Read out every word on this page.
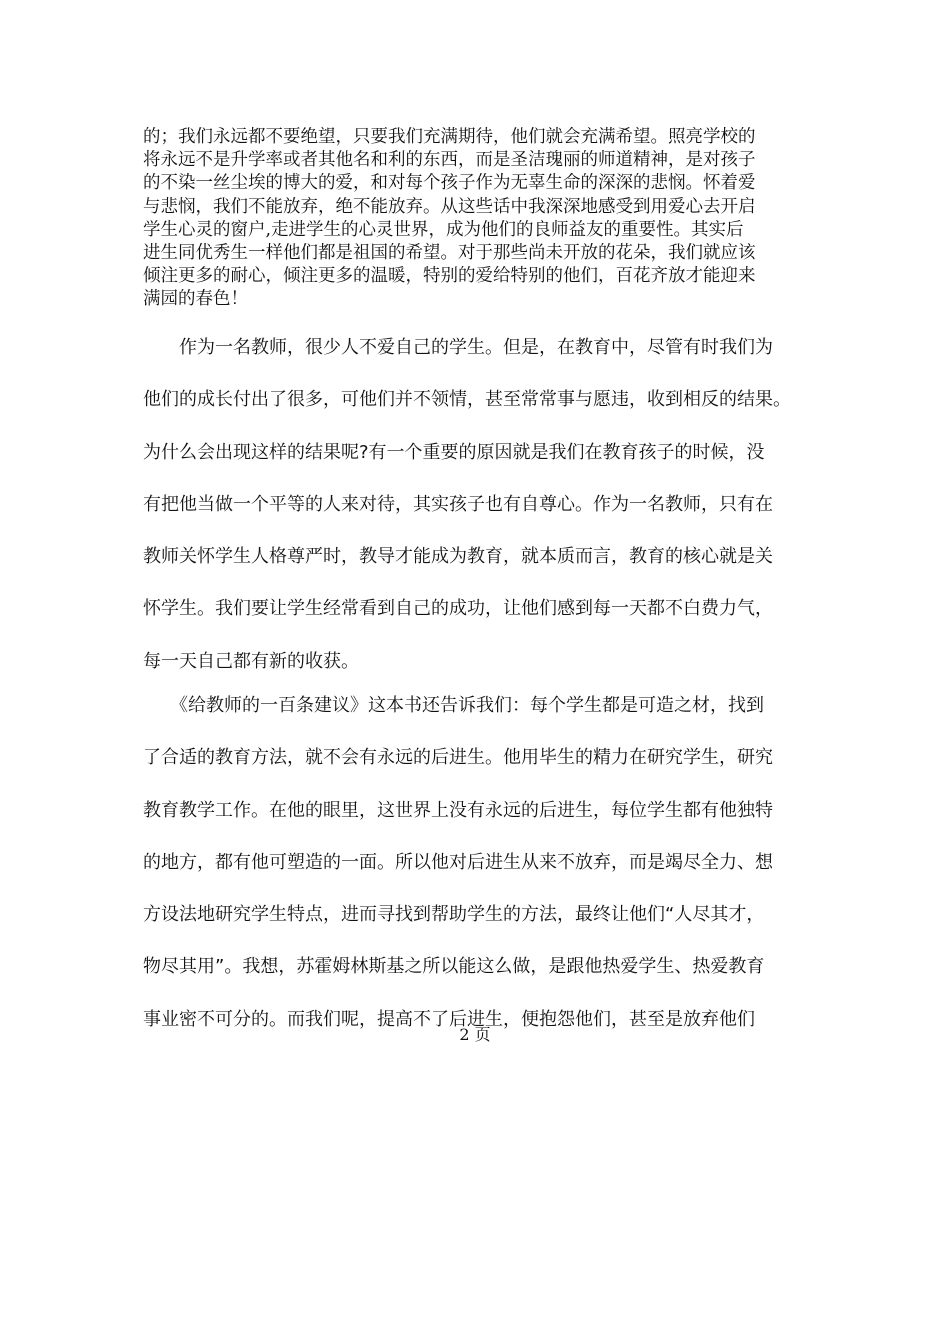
的；我们永远都不要绝望，只要我们充满期待，他们就会充满希望。照亮学校的
将永远不是升学率或者其他名和利的东西，而是圣洁瑰丽的师道精神，是对孩子
的不染一丝尘埃的博大的爱，和对每个孩子作为无辜生命的深深的悲悯。怀着爱
与悲悯，我们不能放弃，绝不能放弃。从这些话中我深深地感受到用爱心去开启
学生心灵的窗户,走进学生的心灵世界，成为他们的良师益友的重要性。其实后
进生同优秀生一样他们都是祖国的希望。对于那些尚未开放的花朵，我们就应该
倾注更多的耐心，倾注更多的温暖，特别的爱给特别的他们，百花齐放才能迎来
满园的春色！
　　作为一名教师，很少人不爱自己的学生。但是，在教育中，尽管有时我们为
他们的成长付出了很多，可他们并不领情，甚至常常事与愿违，收到相反的结果。
为什么会出现这样的结果呢?有一个重要的原因就是我们在教育孩子的时候，没
有把他当做一个平等的人来对待，其实孩子也有自尊心。作为一名教师，只有在
教师关怀学生人格尊严时，教导才能成为教育，就本质而言，教育的核心就是关
怀学生。我们要让学生经常看到自己的成功，让他们感到每一天都不白费力气，
每一天自己都有新的收获。
　　《给教师的一百条建议》这本书还告诉我们：每个学生都是可造之材，找到
了合适的教育方法，就不会有永远的后进生。他用毕生的精力在研究学生，研究
教育教学工作。在他的眼里，这世界上没有永远的后进生，每位学生都有他独特
的地方，都有他可塑造的一面。所以他对后进生从来不放弃，而是竭尽全力、想
方设法地研究学生特点，进而寻找到帮助学生的方法，最终让他们“人尽其才，
物尽其用”。我想，苏霍姆林斯基之所以能这么做，是跟他热爱学生、热爱教育
事业密不可分的。而我们呢，提高不了后进生，便抱怨他们，甚至是放弃他们
2 页
